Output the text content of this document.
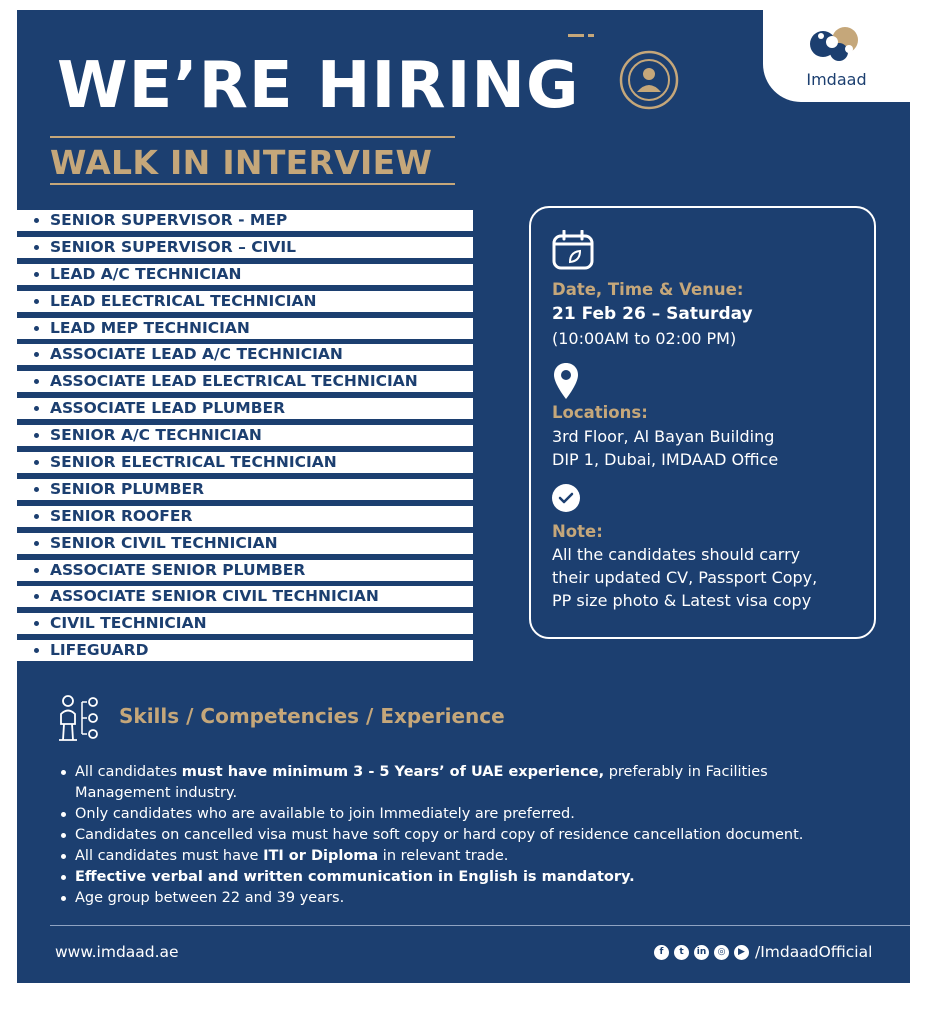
WE’RE HIRING
WALK IN INTERVIEW
SENIOR SUPERVISOR - MEP
SENIOR SUPERVISOR – CIVIL
LEAD A/C TECHNICIAN
LEAD ELECTRICAL TECHNICIAN
LEAD MEP TECHNICIAN
ASSOCIATE LEAD A/C TECHNICIAN
ASSOCIATE LEAD ELECTRICAL TECHNICIAN
ASSOCIATE LEAD PLUMBER
SENIOR A/C TECHNICIAN
SENIOR ELECTRICAL TECHNICIAN
SENIOR PLUMBER
SENIOR ROOFER
SENIOR CIVIL TECHNICIAN
ASSOCIATE SENIOR PLUMBER
ASSOCIATE SENIOR CIVIL TECHNICIAN
CIVIL TECHNICIAN
LIFEGUARD
Date, Time & Venue:
21 Feb 26 – Saturday
(10:00AM to 02:00 PM)
Locations:
3rd Floor, Al Bayan Building
DIP 1, Dubai, IMDAAD Office
Note:
All the candidates should carry
their updated CV, Passport Copy,
PP size photo & Latest visa copy
Skills / Competencies / Experience
All candidates must have minimum 3 - 5 Years’ of UAE experience, preferably in Facilities Management industry.
Only candidates who are available to join Immediately are preferred.
Candidates on cancelled visa must have soft copy or hard copy of residence cancellation document.
All candidates must have ITI or Diploma in relevant trade.
Effective verbal and written communication in English is mandatory.
Age group between 22 and 39 years.
www.imdaad.ae	f	t	in	◎	▶ /ImdaadOfficial
Imdaad
